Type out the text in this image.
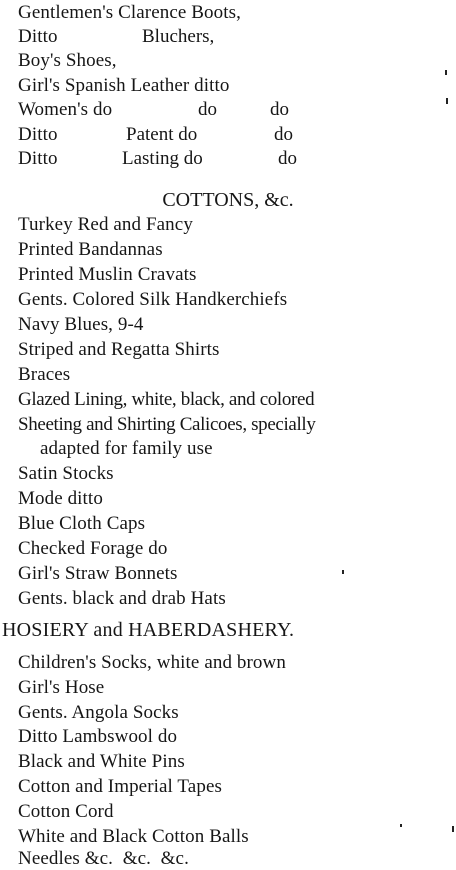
Gentlemen's Clarence Boots,
Ditto	Bluchers,
Boy's Shoes,
Girl's Spanish Leather ditto
Women's do	do	do
Ditto	Patent do	do
Ditto	Lasting do	do
COTTONS, &c.
Turkey Red and Fancy
Printed Bandannas
Printed Muslin Cravats
Gents. Colored Silk Handkerchiefs
Navy Blues, 9-4
Striped and Regatta Shirts
Braces
Glazed Lining, white, black, and colored
Sheeting and Shirting Calicoes, specially
adapted for family use
Satin Stocks
Mode ditto
Blue Cloth Caps
Checked Forage do
Girl's Straw Bonnets
Gents. black and drab Hats
HOSIERY and HABERDASHERY.
Children's Socks, white and brown
Girl's Hose
Gents. Angola Socks
Ditto Lambswool do
Black and White Pins
Cotton and Imperial Tapes
Cotton Cord
White and Black Cotton Balls
Needles &c.  &c.  &c.
